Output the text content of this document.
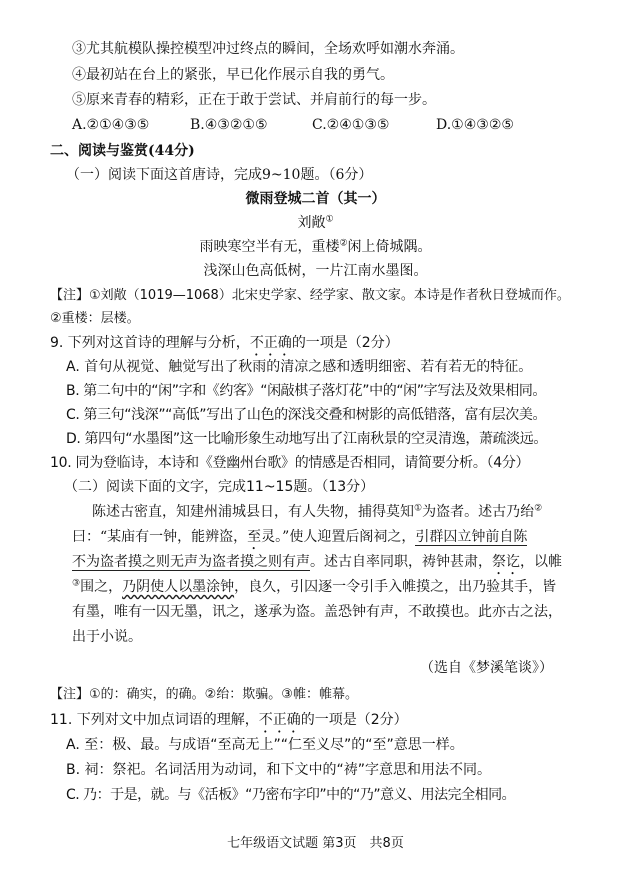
③尤其航模队操控模型冲过终点的瞬间，全场欢呼如潮水奔涌。
④最初站在台上的紧张，早已化作展示自我的勇气。
⑤原来青春的精彩，正在于敢于尝试、并肩前行的每一步。
A.②①④③⑤	B.④③②①⑤	C.②④①③⑤	D.①④③②⑤
二、阅读与鉴赏(44分)
（一）阅读下面这首唐诗，完成9~10题。（6分）
微雨登城二首（其一）
刘敞①
雨映寒空半有无，重楼②闲上倚城隅。
浅深山色高低树，一片江南水墨图。
【注】①刘敞（1019—1068）北宋史学家、经学家、散文家。本诗是作者秋日登城而作。
②重楼：层楼。
9. 下列对这首诗的理解与分析，不正确的一项是（2分）
A. 首句从视觉、触觉写出了秋雨的清凉之感和透明细密、若有若无的特征。
B. 第二句中的“闲”字和《约客》“闲敲棋子落灯花”中的“闲”字写法及效果相同。
C. 第三句“浅深”“高低”写出了山色的深浅交叠和树影的高低错落，富有层次美。
D. 第四句“水墨图”这一比喻形象生动地写出了江南秋景的空灵清逸，萧疏淡远。
10. 同为登临诗，本诗和《登幽州台歌》的情感是否相同，请简要分析。（4分）
（二）阅读下面的文字，完成11~15题。（13分）
陈述古密直，知建州浦城县日，有人失物，捕得莫知①为盗者。述古乃绐②
曰：“某庙有一钟，能辨盗，至灵。”使人迎置后阁祠之，引群囚立钟前自陈
不为盗者摸之则无声为盗者摸之则有声。述古自率同职，祷钟甚肃，祭讫，以帷
③围之，乃阴使人以墨涂钟，良久，引囚逐一令引手入帷摸之，出乃验其手，皆
有墨，唯有一囚无墨，讯之，遂承为盗。盖恐钟有声，不敢摸也。此亦古之法，
出于小说。
（选自《梦溪笔谈》）
【注】①的：确实，的确。②绐：欺骗。③帷：帷幕。
11. 下列对文中加点词语的理解，不正确的一项是（2分）
A. 至：极、最。与成语“至高无上”“仁至义尽”的“至”意思一样。
B. 祠：祭祀。名词活用为动词，和下文中的“祷”字意思和用法不同。
C. 乃：于是，就。与《活板》“乃密布字印”中的“乃”意义、用法完全相同。
七年级语文试题 第3页　共8页
